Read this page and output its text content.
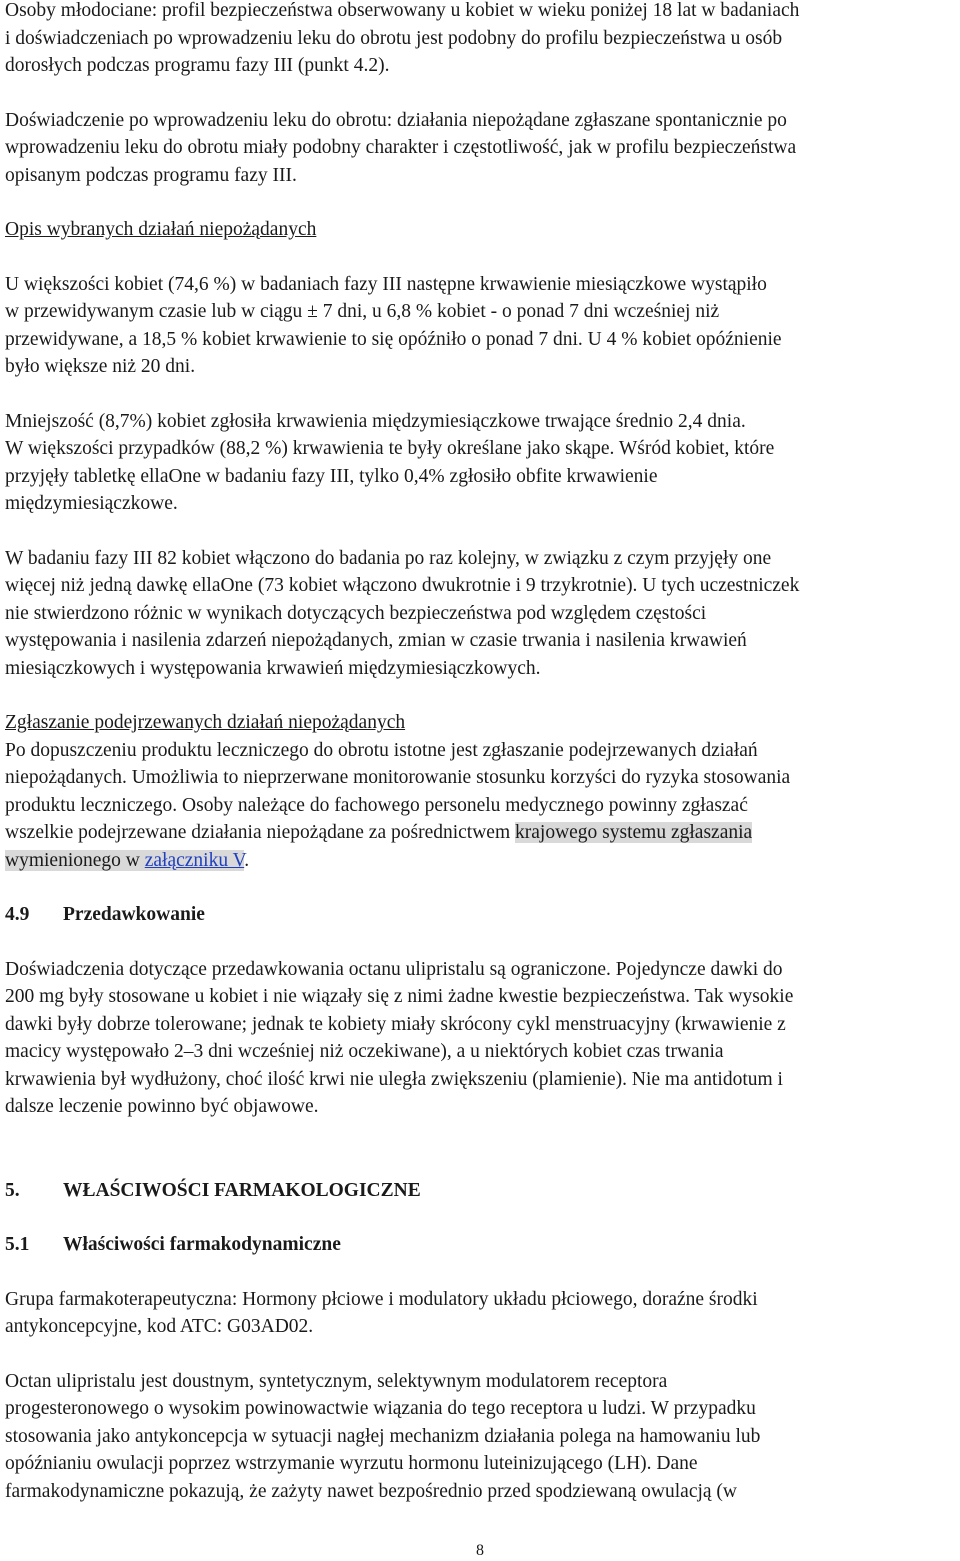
Osoby młodociane: profil bezpieczeństwa obserwowany u kobiet w wieku poniżej 18 lat w badaniach
i doświadczeniach po wprowadzeniu leku do obrotu jest podobny do profilu bezpieczeństwa u osób
dorosłych podczas programu fazy III (punkt 4.2).

Doświadczenie po wprowadzeniu leku do obrotu: działania niepożądane zgłaszane spontanicznie po
wprowadzeniu leku do obrotu miały podobny charakter i częstotliwość, jak w profilu bezpieczeństwa
opisanym podczas programu fazy III.

Opis wybranych działań niepożądanych

U większości kobiet (74,6 %) w badaniach fazy III następne krwawienie miesiączkowe wystąpiło
w przewidywanym czasie lub w ciągu ± 7 dni, u 6,8 % kobiet - o ponad 7 dni wcześniej niż
przewidywane, a 18,5 % kobiet krwawienie to się opóźniło o ponad 7 dni. U 4 % kobiet opóźnienie
było większe niż 20 dni.

Mniejszość (8,7%) kobiet zgłosiła krwawienia międzymiesiączkowe trwające średnio 2,4 dnia.
W większości przypadków (88,2 %) krwawienia te były określane jako skąpe. Wśród kobiet, które
przyjęły tabletkę ellaOne w badaniu fazy III, tylko 0,4% zgłosiło obfite krwawienie
międzymiesiączkowe.

W badaniu fazy III 82 kobiet włączono do badania po raz kolejny, w związku z czym przyjęły one
więcej niż jedną dawkę ellaOne (73 kobiet włączono dwukrotnie i 9 trzykrotnie). U tych uczestniczek
nie stwierdzono różnic w wynikach dotyczących bezpieczeństwa pod względem częstości
występowania i nasilenia zdarzeń niepożądanych, zmian w czasie trwania i nasilenia krwawień
miesiączkowych i występowania krwawień międzymiesiączkowych.

Zgłaszanie podejrzewanych działań niepożądanych
Po dopuszczeniu produktu leczniczego do obrotu istotne jest zgłaszanie podejrzewanych działań
niepożądanych. Umożliwia to nieprzerwane monitorowanie stosunku korzyści do ryzyka stosowania
produktu leczniczego. Osoby należące do fachowego personelu medycznego powinny zgłaszać
wszelkie podejrzewane działania niepożądane za pośrednictwem krajowego systemu zgłaszania
wymienionego w załączniku V.

4.9 Przedawkowanie

Doświadczenia dotyczące przedawkowania octanu ulipristalu są ograniczone. Pojedyncze dawki do
200 mg były stosowane u kobiet i nie wiązały się z nimi żadne kwestie bezpieczeństwa. Tak wysokie
dawki były dobrze tolerowane; jednak te kobiety miały skrócony cykl menstruacyjny (krwawienie z
macicy występowało 2–3 dni wcześniej niż oczekiwane), a u niektórych kobiet czas trwania
krwawienia był wydłużony, choć ilość krwi nie uległa zwiększeniu (plamienie). Nie ma antidotum i
dalsze leczenie powinno być objawowe.

5. WŁAŚCIWOŚCI FARMAKOLOGICZNE

5.1 Właściwości farmakodynamiczne

Grupa farmakoterapeutyczna: Hormony płciowe i modulatory układu płciowego, doraźne środki
antykoncepcyjne, kod ATC: G03AD02.

Octan ulipristalu jest doustnym, syntetycznym, selektywnym modulatorem receptora
progesteronowego o wysokim powinowactwie wiązania do tego receptora u ludzi. W przypadku
stosowania jako antykoncepcja w sytuacji nagłej mechanizm działania polega na hamowaniu lub
opóźnianiu owulacji poprzez wstrzymanie wyrzutu hormonu luteinizującego (LH). Dane
farmakodynamiczne pokazują, że zażyty nawet bezpośrednio przed spodziewaną owulacją (w

8
